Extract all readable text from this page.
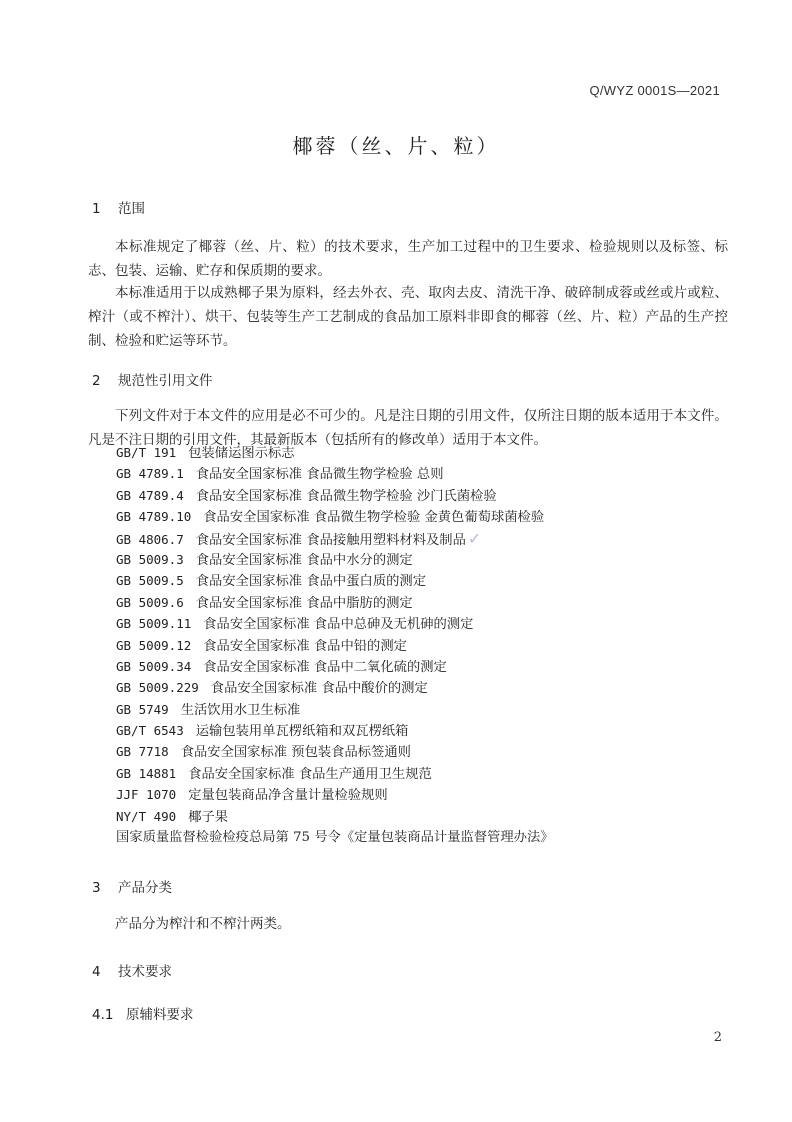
Q/WYZ 0001S—2021
椰蓉（丝、片、粒）
1 范围
本标准规定了椰蓉（丝、片、粒）的技术要求，生产加工过程中的卫生要求、检验规则以及标签、标志、包装、运输、贮存和保质期的要求。
本标准适用于以成熟椰子果为原料，经去外衣、壳、取肉去皮、清洗干净、破碎制成蓉或丝或片或粒、榨汁（或不榨汁）、烘干、包装等生产工艺制成的食品加工原料非即食的椰蓉（丝、片、粒）产品的生产控制、检验和贮运等环节。
2 规范性引用文件
下列文件对于本文件的应用是必不可少的。凡是注日期的引用文件，仅所注日期的版本适用于本文件。凡是不注日期的引用文件，其最新版本（包括所有的修改单）适用于本文件。
GB/T 191 包装储运图示标志
GB 4789.1 食品安全国家标准 食品微生物学检验 总则
GB 4789.4 食品安全国家标准 食品微生物学检验 沙门氏菌检验
GB 4789.10 食品安全国家标准 食品微生物学检验 金黄色葡萄球菌检验
GB 4806.7 食品安全国家标准 食品接触用塑料材料及制品 ✓
GB 5009.3 食品安全国家标准 食品中水分的测定
GB 5009.5 食品安全国家标准 食品中蛋白质的测定
GB 5009.6 食品安全国家标准 食品中脂肪的测定
GB 5009.11 食品安全国家标准 食品中总砷及无机砷的测定
GB 5009.12 食品安全国家标准 食品中铅的测定
GB 5009.34 食品安全国家标准 食品中二氧化硫的测定
GB 5009.229 食品安全国家标准 食品中酸价的测定
GB 5749 生活饮用水卫生标准
GB/T 6543 运输包装用单瓦楞纸箱和双瓦楞纸箱
GB 7718 食品安全国家标准 预包装食品标签通则
GB 14881 食品安全国家标准 食品生产通用卫生规范
JJF 1070 定量包装商品净含量计量检验规则
NY/T 490 椰子果
国家质量监督检验检疫总局第 75 号令《定量包装商品计量监督管理办法》
3 产品分类
产品分为榨汁和不榨汁两类。
4 技术要求
4.1 原辅料要求
2
